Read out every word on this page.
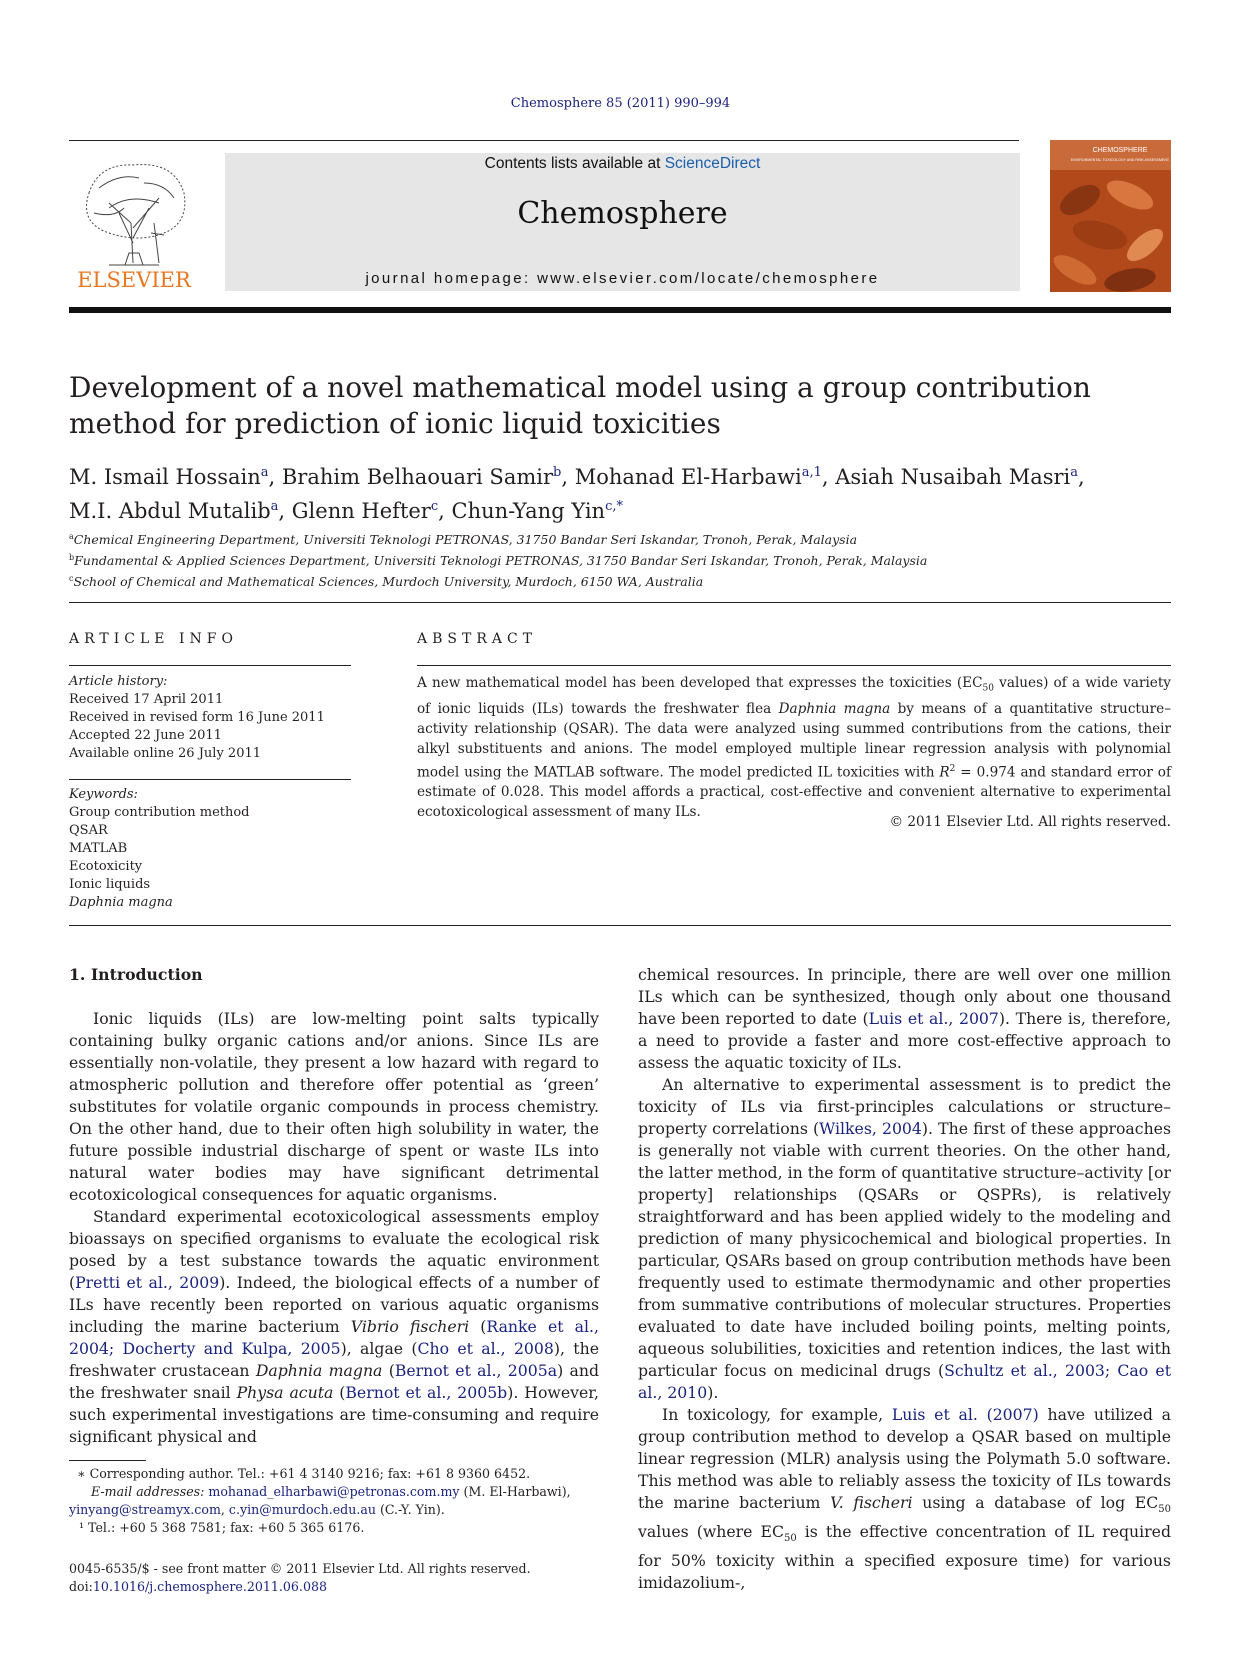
Chemosphere 85 (2011) 990–994
ELSEVIER
Contents lists available at ScienceDirect
Chemosphere
journal homepage: www.elsevier.com/locate/chemosphere
CHEMOSPHERE
ENVIRONMENTAL TOXICOLOGY AND RISK ASSESSMENT
Development of a novel mathematical model using a group contribution method for prediction of ionic liquid toxicities
M. Ismail Hossain$^a$, Brahim Belhaouari Samir$^b$, Mohanad El-Harbawi$^{a,1}$, Asiah Nusaibah Masri$^a$,
M.I. Abdul Mutalib$^a$, Glenn Hefter$^c$, Chun-Yang Yin$^{c,*}$
$^a$Chemical Engineering Department, Universiti Teknologi PETRONAS, 31750 Bandar Seri Iskandar, Tronoh, Perak, Malaysia
$^b$Fundamental & Applied Sciences Department, Universiti Teknologi PETRONAS, 31750 Bandar Seri Iskandar, Tronoh, Perak, Malaysia
$^c$School of Chemical and Mathematical Sciences, Murdoch University, Murdoch, 6150 WA, Australia
ARTICLE INFO	ABSTRACT
Article history:
Received 17 April 2011
Received in revised form 16 June 2011
Accepted 22 June 2011
Available online 26 July 2011
Keywords:
Group contribution method
QSAR
MATLAB
Ecotoxicity
Ionic liquids
Daphnia magna
A new mathematical model has been developed that expresses the toxicities ($EC_{50}$ values) of a wide variety of ionic liquids (ILs) towards the freshwater flea Daphnia magna by means of a quantitative structure–activity relationship (QSAR). The data were analyzed using summed contributions from the cations, their alkyl substituents and anions. The model employed multiple linear regression analysis with polynomial model using the MATLAB software. The model predicted IL toxicities with $R^2 = 0.974$ and standard error of estimate of 0.028. This model affords a practical, cost-effective and convenient alternative to experimental ecotoxicological assessment of many ILs.
© 2011 Elsevier Ltd. All rights reserved.
1. Introduction

Ionic liquids (ILs) are low-melting point salts typically containing bulky organic cations and/or anions. Since ILs are essentially non-volatile, they present a low hazard with regard to atmospheric pollution and therefore offer potential as ‘green’ substitutes for volatile organic compounds in process chemistry. On the other hand, due to their often high solubility in water, the future possible industrial discharge of spent or waste ILs into natural water bodies may have significant detrimental ecotoxicological consequences for aquatic organisms.

Standard experimental ecotoxicological assessments employ bioassays on specified organisms to evaluate the ecological risk posed by a test substance towards the aquatic environment (Pretti et al., 2009). Indeed, the biological effects of a number of ILs have recently been reported on various aquatic organisms including the marine bacterium Vibrio fischeri (Ranke et al., 2004; Docherty and Kulpa, 2005), algae (Cho et al., 2008), the freshwater crustacean Daphnia magna (Bernot et al., 2005a) and the freshwater snail Physa acuta (Bernot et al., 2005b). However, such experimental investigations are time-consuming and require significant physical and

chemical resources. In principle, there are well over one million ILs which can be synthesized, though only about one thousand have been reported to date (Luis et al., 2007). There is, therefore, a need to provide a faster and more cost-effective approach to assess the aquatic toxicity of ILs.

An alternative to experimental assessment is to predict the toxicity of ILs via first-principles calculations or structure–property correlations (Wilkes, 2004). The first of these approaches is generally not viable with current theories. On the other hand, the latter method, in the form of quantitative structure–activity [or property] relationships (QSARs or QSPRs), is relatively straightforward and has been applied widely to the modeling and prediction of many physicochemical and biological properties. In particular, QSARs based on group contribution methods have been frequently used to estimate thermodynamic and other properties from summative contributions of molecular structures. Properties evaluated to date have included boiling points, melting points, aqueous solubilities, toxicities and retention indices, the last with particular focus on medicinal drugs (Schultz et al., 2003; Cao et al., 2010).

In toxicology, for example, Luis et al. (2007) have utilized a group contribution method to develop a QSAR based on multiple linear regression (MLR) analysis using the Polymath 5.0 software. This method was able to reliably assess the toxicity of ILs towards the marine bacterium V. fischeri using a database of $\log EC_{50}$ values (where $EC_{50}$ is the effective concentration of IL required for 50% toxicity within a specified exposure time) for various imidazolium-,

∗ Corresponding author. Tel.: +61 4 3140 9216; fax: +61 8 9360 6452.
E-mail addresses: mohanad_elharbawi@petronas.com.my (M. El-Harbawi),
yinyang@streamyx.com, c.yin@murdoch.edu.au (C.-Y. Yin).
¹ Tel.: +60 5 368 7581; fax: +60 5 365 6176.
0045-6535/$ - see front matter © 2011 Elsevier Ltd. All rights reserved.
doi:10.1016/j.chemosphere.2011.06.088
